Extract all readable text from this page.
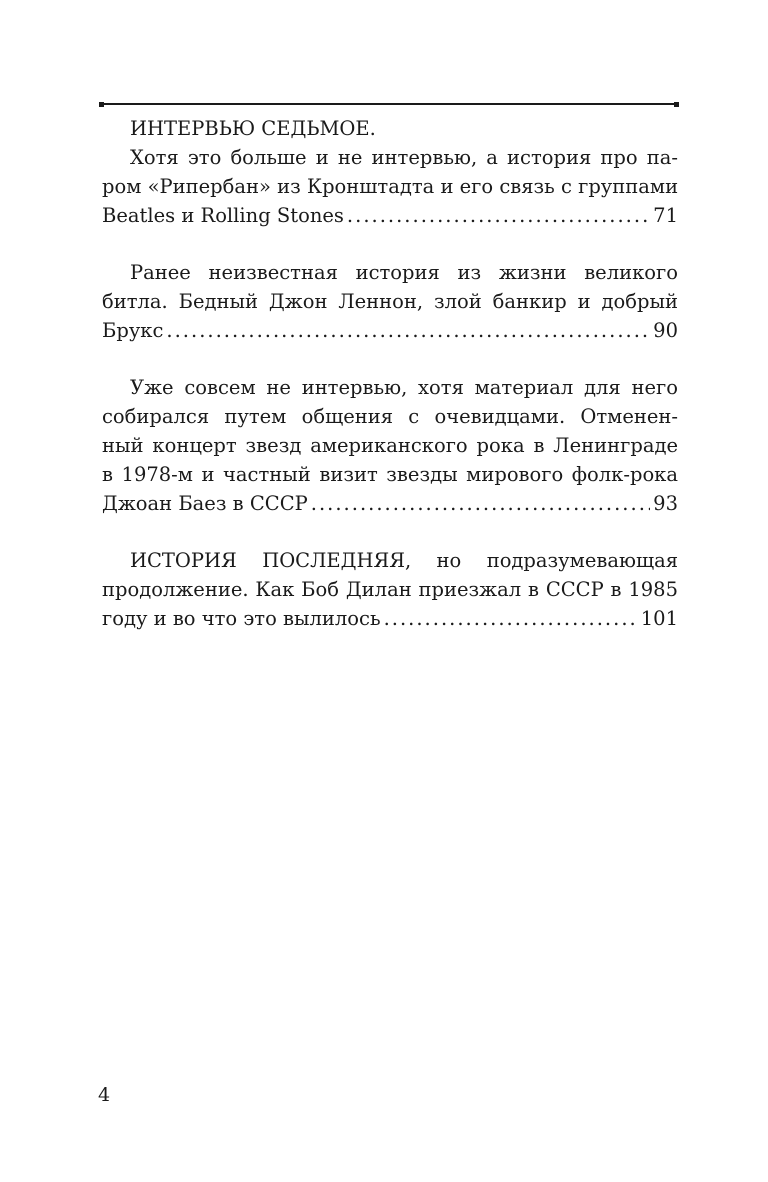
ИНТЕРВЬЮ СЕДЬМОЕ.
Хотя это больше и не интервью, а история про па-
ром «Рипербан» из Кронштадта и его связь с группами
Beatles и Rolling Stones .....	71
Ранее неизвестная история из жизни великого
битла. Бедный Джон Леннон, злой банкир и добрый
Брукс .....	90
Уже совсем не интервью, хотя материал для него
собирался путем общения с очевидцами. Отменен-
ный концерт звезд американского рока в Ленинграде
в 1978-м и частный визит звезды мирового фолк-рока
Джоан Баез в СССР .....	93
ИСТОРИЯ ПОСЛЕДНЯЯ, но подразумевающая
продолжение. Как Боб Дилан приезжал в СССР в 1985
году и во что это вылилось .....	101
4
